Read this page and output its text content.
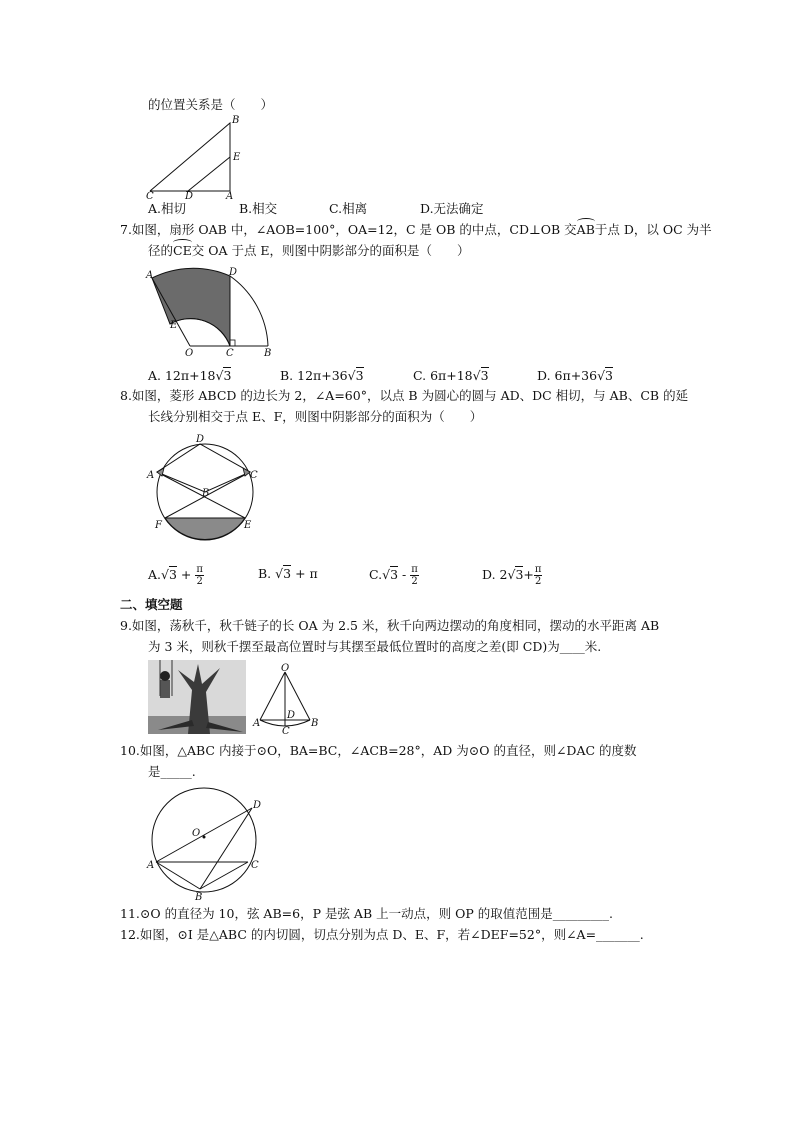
的位置关系是（　　）
B
E
C	D	A
A.相切	B.相交	C.相离	D.无法确定
7.如图，扇形 OAB 中，∠AOB=100°，OA=12，C 是 OB 的中点，CD⊥OB 交AB于点 D，以 OC 为半
径的CE交 OA 于点 E，则图中阴影部分的面积是（　　）
A	D
E
O	C	B
A. 12π+18√3	B. 12π+36√3	C. 6π+18√3	D. 6π+36√3
8.如图，菱形 ABCD 的边长为 2，∠A=60°，以点 B 为圆心的圆与 AD、DC 相切，与 AB、CB 的延
长线分别相交于点 E、F，则图中阴影部分的面积为（　　）
D
A	C
B
F	E
$A.√3 + \frac{\pi}{2}$	B. √3 + π	$C.√3 - \frac{\pi}{2}$	D. $2√3+ \frac{\pi}{2}$
二、填空题
9.如图，荡秋千，秋千链子的长 OA 为 2.5 米，秋千向两边摆动的角度相同，摆动的水平距离 AB
为 3 米，则秋千摆至最高位置时与其摆至最低位置时的高度之差(即 CD)为____米.
O
D
A
C
B
10.如图，△ABC 内接于⊙O，BA=BC，∠ACB=28°，AD 为⊙O 的直径，则∠DAC 的度数
是_____.
D
O
A	C
B
11.⊙O 的直径为 10，弦 AB=6，P 是弦 AB 上一动点，则 OP 的取值范围是_________.
12.如图，⊙I 是△ABC 的内切圆，切点分别为点 D、E、F，若∠DEF=52°，则∠A=_______.
